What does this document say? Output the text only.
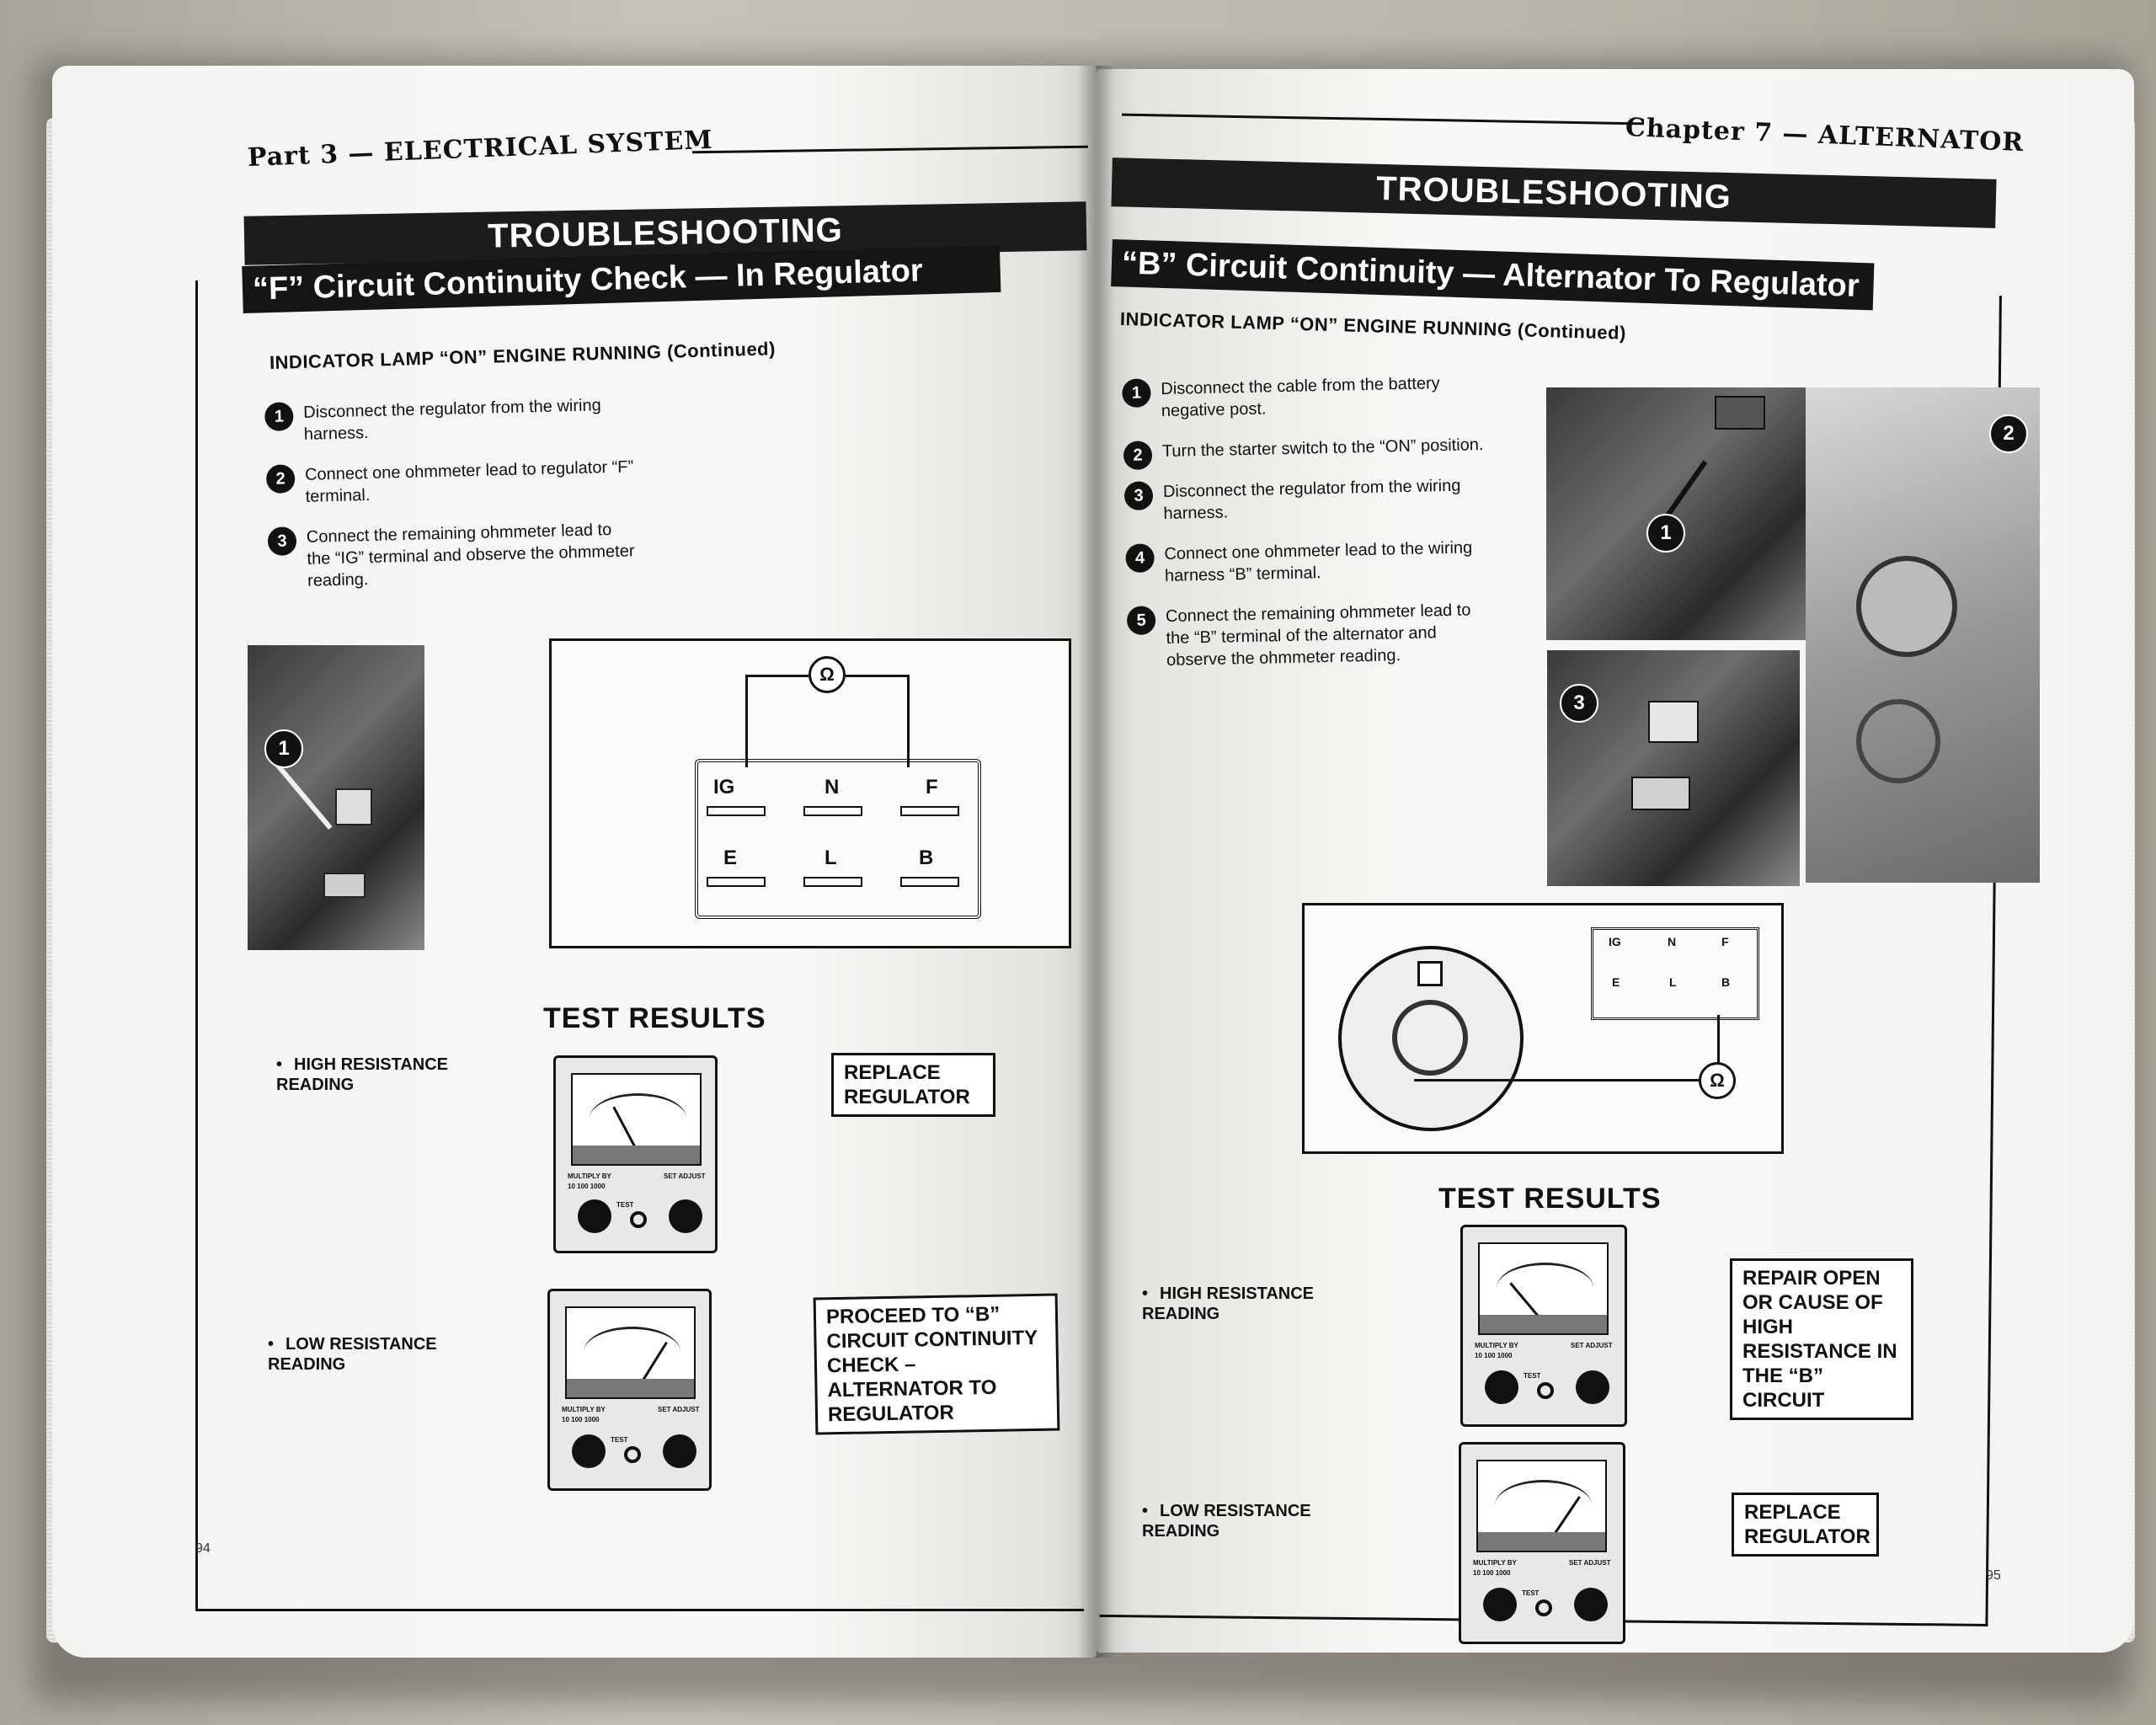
Part 3 — ELECTRICAL SYSTEM
TROUBLESHOOTING
“F” Circuit Continuity Check — In Regulator
INDICATOR LAMP “ON” ENGINE RUNNING (Continued)
1	Disconnect the regulator from the wiring harness.
2	Connect one ohmmeter lead to regulator “F” terminal.
3	Connect the remaining ohmmeter lead to the “IG” terminal and observe the ohmmeter reading.
1
Ω
IG	N	F
E	L	B
TEST RESULTS
• HIGH RESISTANCE READING
MULTIPLY BY	SET ADJUST
10 100 1000
TEST
REPLACE REGULATOR
• LOW RESISTANCE READING
MULTIPLY BY	SET ADJUST
10 100 1000
TEST
PROCEED TO “B” CIRCUIT CONTINUITY CHECK – ALTERNATOR TO REGULATOR
94
Chapter 7 — ALTERNATOR
TROUBLESHOOTING
“B” Circuit Continuity — Alternator To Regulator
INDICATOR LAMP “ON” ENGINE RUNNING (Continued)
1	Disconnect the cable from the battery negative post.
2	Turn the starter switch to the “ON” position.
3	Disconnect the regulator from the wiring harness.
4	Connect one ohmmeter lead to the wiring harness “B” terminal.
5	Connect the remaining ohmmeter lead to the “B” terminal of the alternator and observe the ohmmeter reading.
1
2
3
IG	N	F
E	L	B
Ω
TEST RESULTS
• HIGH RESISTANCE READING
MULTIPLY BY	SET ADJUST
10 100 1000
TEST
REPAIR OPEN OR CAUSE OF HIGH RESISTANCE IN THE “B” CIRCUIT
• LOW RESISTANCE READING
MULTIPLY BY	SET ADJUST
10 100 1000
TEST
REPLACE REGULATOR
95
